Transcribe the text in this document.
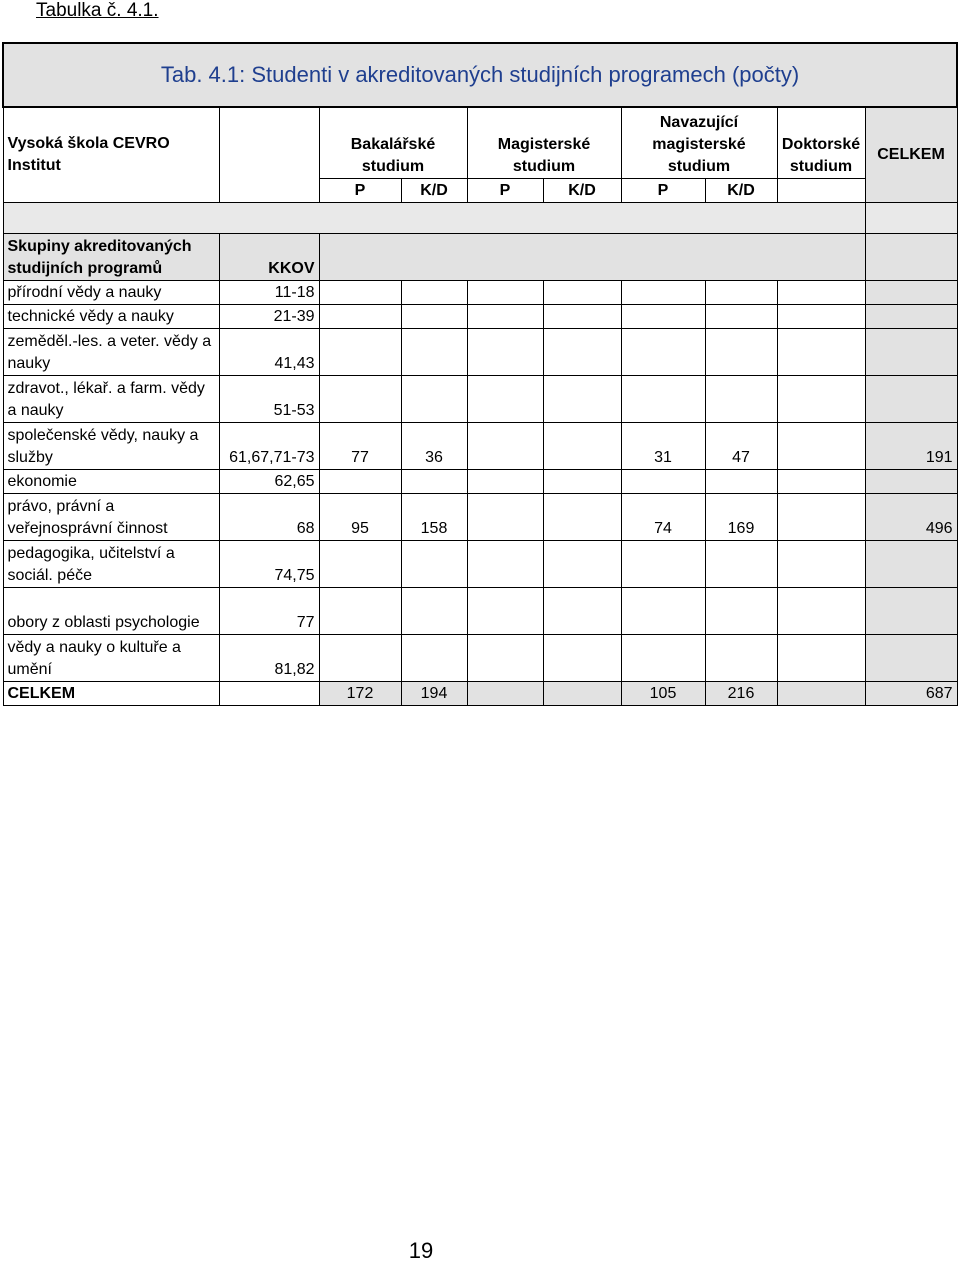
Tabulka č. 4.1.
Tab. 4.1: Studenti v akreditovaných studijních programech (počty)									
Vysoká škola CEVRO Institut		Bakalářské studium		Magisterské studium		Navazující magisterské studium		Doktorské studium	CELKEM
		P	K/D	P	K/D	P	K/D		

Skupiny akreditovaných studijních programů	KKOV								
přírodní vědy a nauky	11-18								
technické vědy a nauky	21-39								
zeměděl.-les. a veter. vědy a nauky	41,43								
zdravot., lékař. a farm. vědy a nauky	51-53								
společenské vědy, nauky a služby	61,67,71-73	77	36			31	47		191
ekonomie	62,65								
právo, právní a veřejnosprávní činnost	68	95	158			74	169		496
pedagogika, učitelství a sociál. péče	74,75								
obory z oblasti psychologie	77								
vědy a nauky o kultuře a umění	81,82								
CELKEM		172	194			105	216		687
19
